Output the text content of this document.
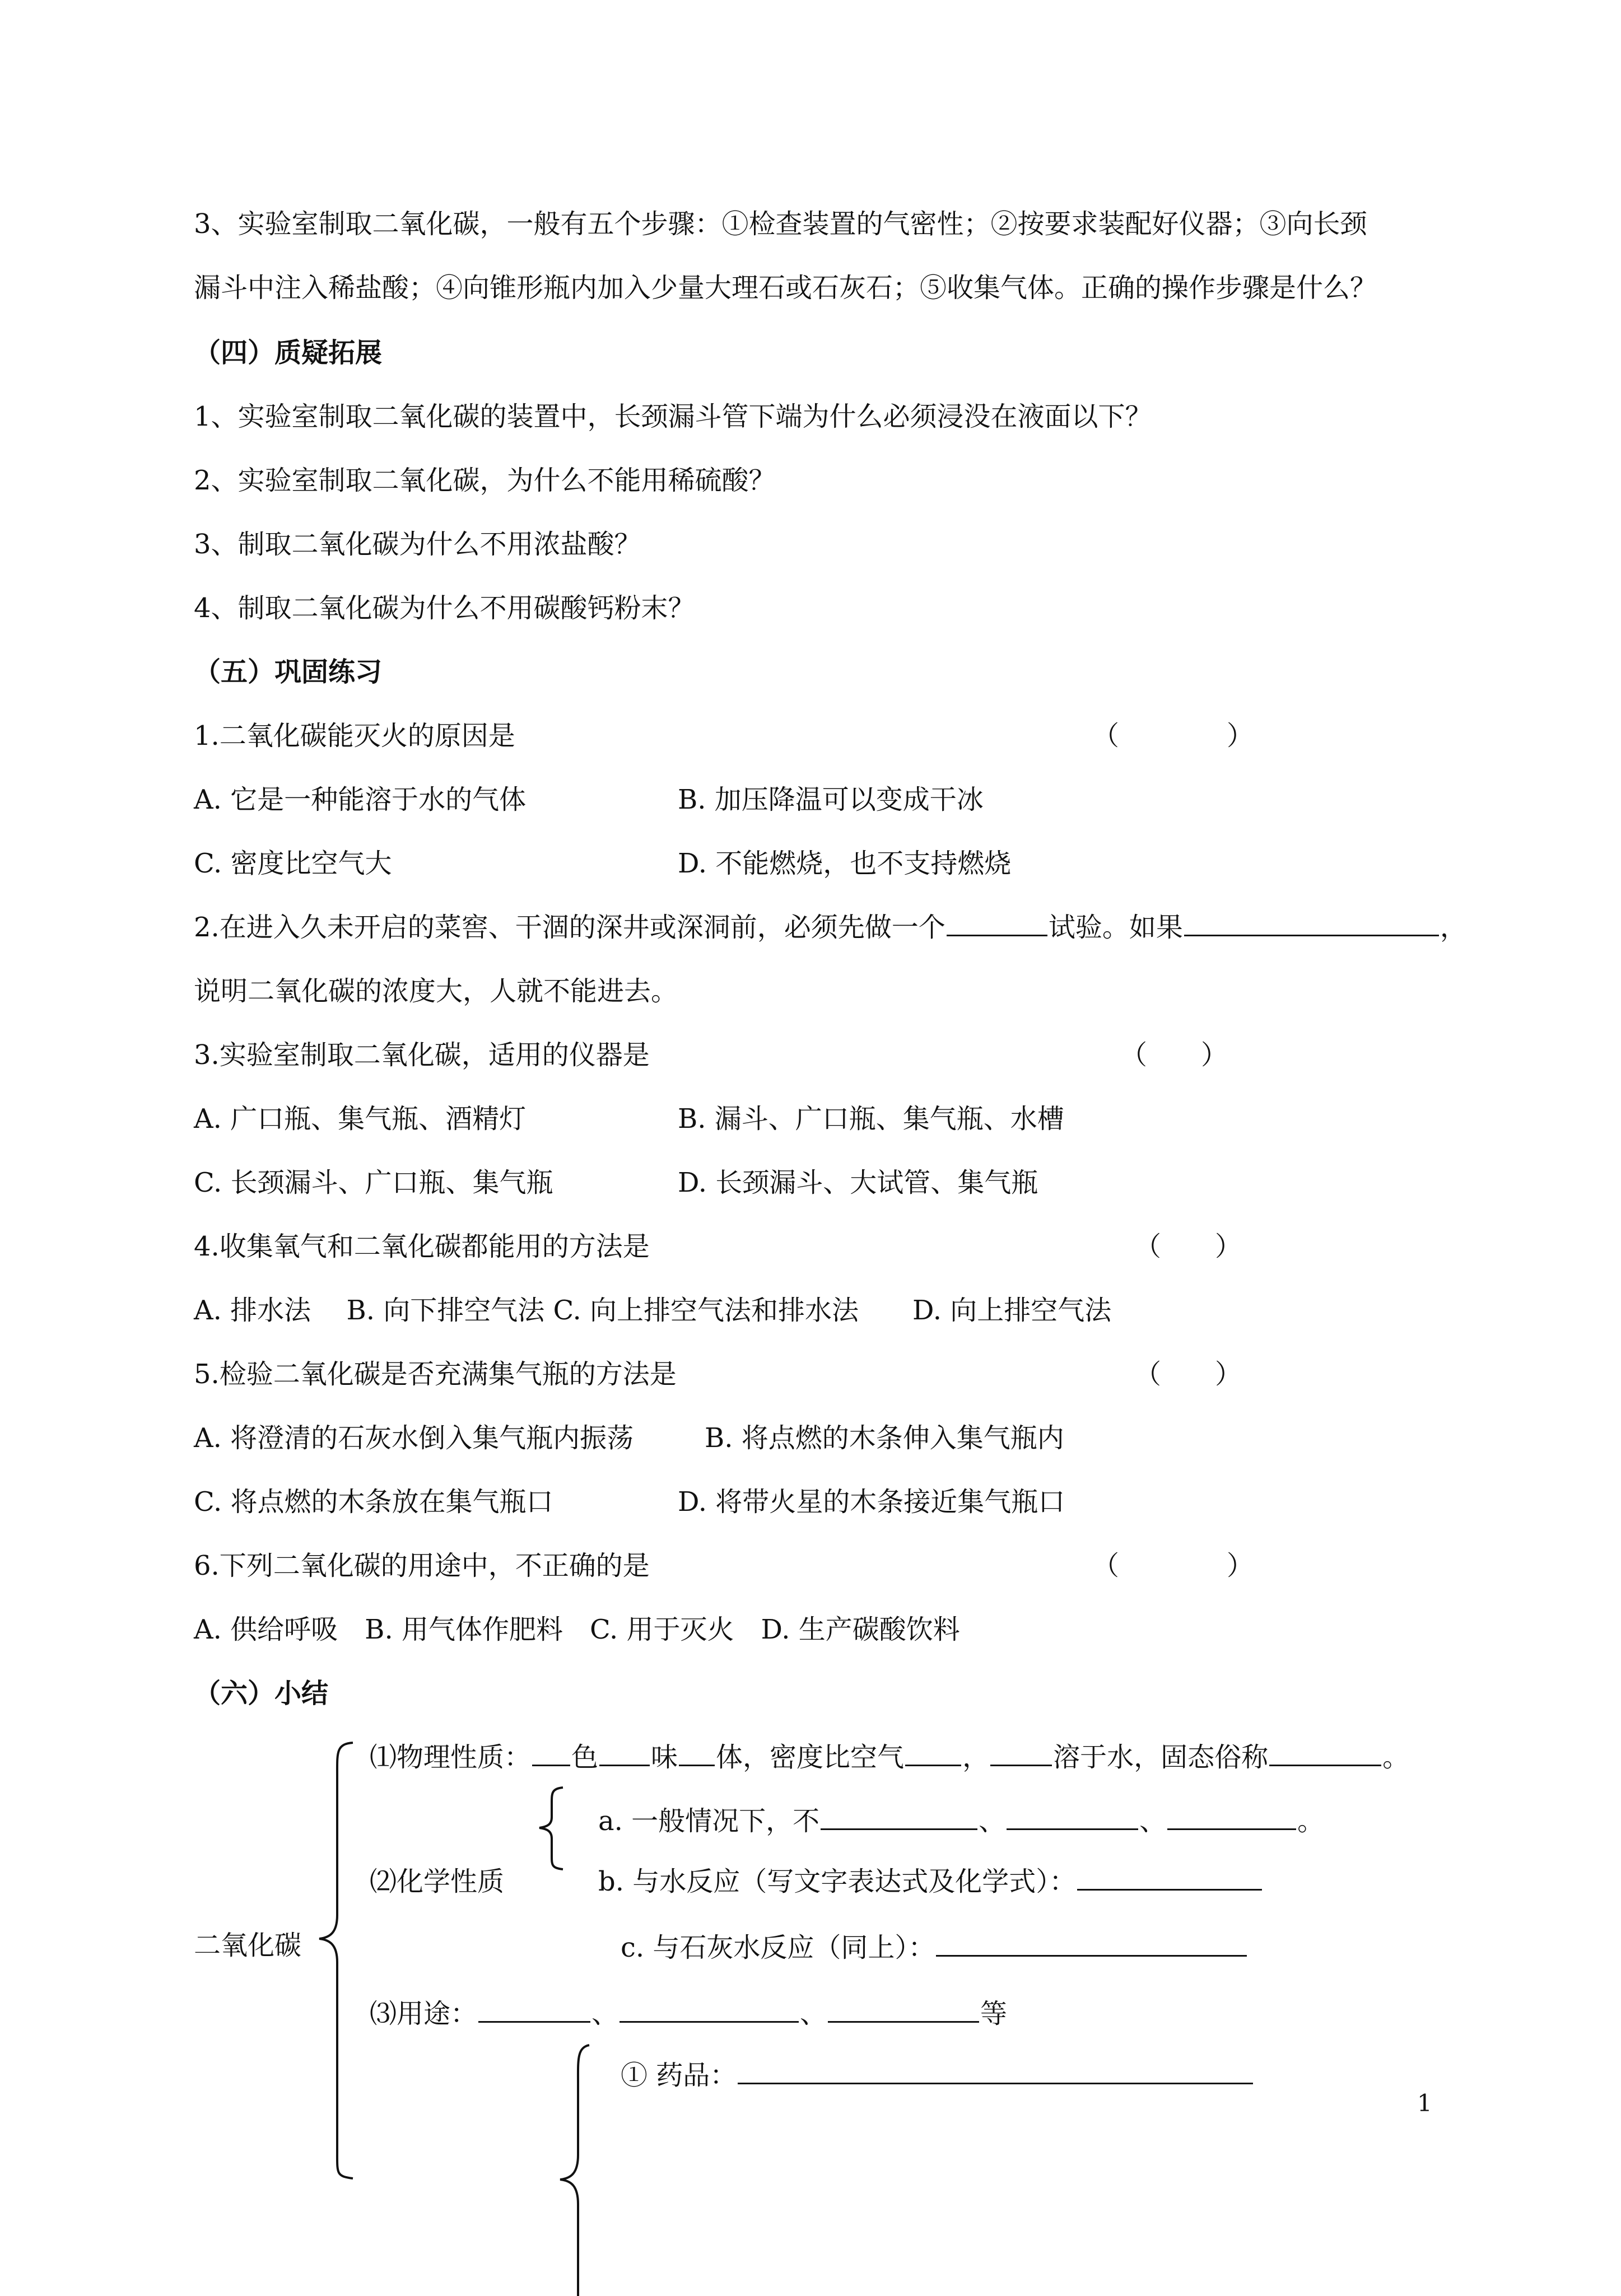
3、实验室制取二氧化碳，一般有五个步骤：①检查装置的气密性；②按要求装配好仪器；③向长颈
漏斗中注入稀盐酸；④向锥形瓶内加入少量大理石或石灰石；⑤收集气体。正确的操作步骤是什么？
（四）质疑拓展
1、实验室制取二氧化碳的装置中，长颈漏斗管下端为什么必须浸没在液面以下？
2、实验室制取二氧化碳，为什么不能用稀硫酸？
3、制取二氧化碳为什么不用浓盐酸？
4、制取二氧化碳为什么不用碳酸钙粉末？
（五）巩固练习
1.二氧化碳能灭火的原因是	（　　　　）
A. 它是一种能溶于水的气体	B. 加压降温可以变成干冰
C. 密度比空气大	D. 不能燃烧，也不支持燃烧
2.在进入久未开启的菜窖、干涸的深井或深洞前，必须先做一个	试验。如果	，
说明二氧化碳的浓度大，人就不能进去。
3.实验室制取二氧化碳，适用的仪器是	（　　）
A. 广口瓶、集气瓶、酒精灯	B. 漏斗、广口瓶、集气瓶、水槽
C. 长颈漏斗、广口瓶、集气瓶	D. 长颈漏斗、大试管、集气瓶
4.收集氧气和二氧化碳都能用的方法是	（　　）
A. 排水法　 B. 向下排空气法 C. 向上排空气法和排水法　　D. 向上排空气法
5.检验二氧化碳是否充满集气瓶的方法是	（　　）
A. 将澄清的石灰水倒入集气瓶内振荡	B. 将点燃的木条伸入集气瓶内
C. 将点燃的木条放在集气瓶口	D. 将带火星的木条接近集气瓶口
6.下列二氧化碳的用途中，不正确的是	（　　　　）
A. 供给呼吸　B. 用气体作肥料　C. 用于灭火　D. 生产碳酸饮料
（六）小结
二氧化碳
⑴物理性质： 色 味 体，密度比空气 ， 溶于水，固态俗称	。
a. 一般情况下，不	、	、	。
⑵化学性质	b. 与水反应（写文字表达式及化学式）：
c. 与石灰水反应（同上）：
⑶用途：	、	、	等
① 药品：
1
